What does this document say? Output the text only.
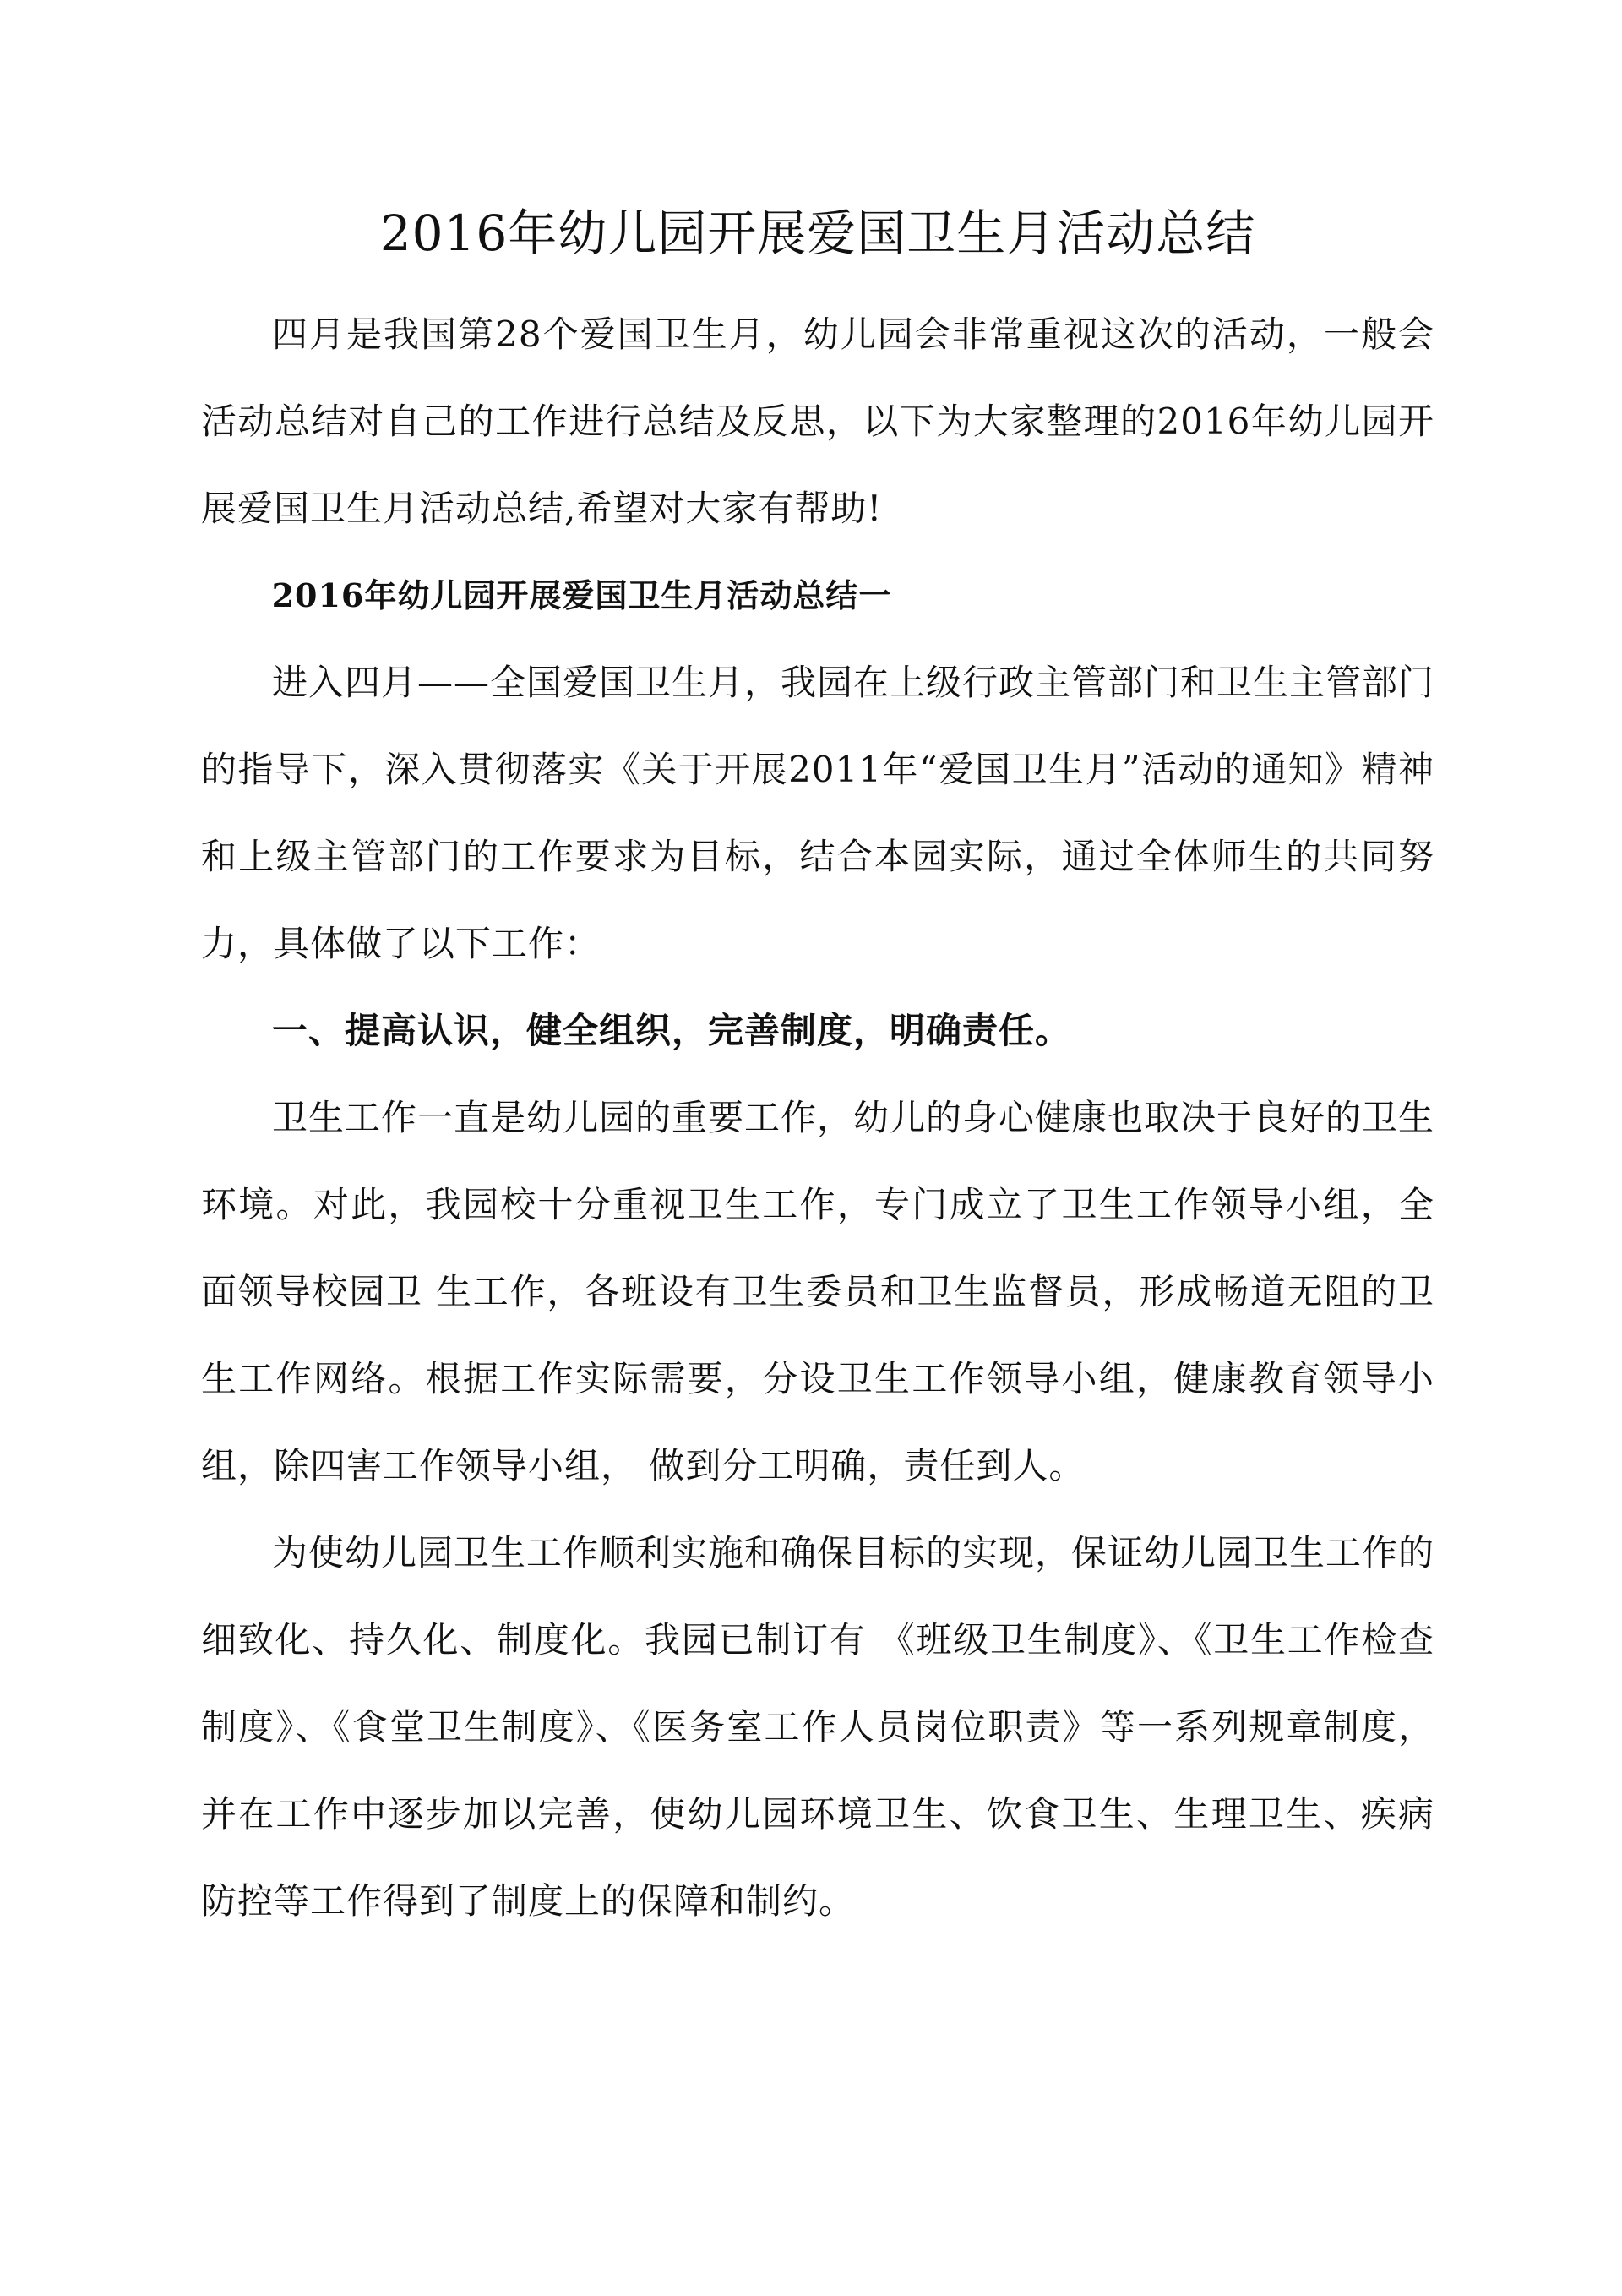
2016年幼儿园开展爱国卫生月活动总结

四月是我国第28个爱国卫生月，幼儿园会非常重视这次的活动，一般会活动总结对自己的工作进行总结及反思，以下为大家整理的2016年幼儿园开展爱国卫生月活动总结,希望对大家有帮助!

2016年幼儿园开展爱国卫生月活动总结一

进入四月——全国爱国卫生月，我园在上级行政主管部门和卫生主管部门的指导下，深入贯彻落实《关于开展2011年“爱国卫生月”活动的通知》精神和上级主管部门的工作要求为目标，结合本园实际，通过全体师生的共同努力，具体做了以下工作：

一、提高认识，健全组织，完善制度，明确责任。

卫生工作一直是幼儿园的重要工作，幼儿的身心健康也取决于良好的卫生环境。对此，我园校十分重视卫生工作，专门成立了卫生工作领导小组，全面领导校园卫 生工作，各班设有卫生委员和卫生监督员，形成畅道无阻的卫生工作网络。根据工作实际需要，分设卫生工作领导小组，健康教育领导小组，除四害工作领导小组， 做到分工明确，责任到人。

为使幼儿园卫生工作顺利实施和确保目标的实现，保证幼儿园卫生工作的细致化、持久化、制度化。我园已制订有 《班级卫生制度》、《卫生工作检查制度》、《食堂卫生制度》、《医务室工作人员岗位职责》等一系列规章制度，并在工作中逐步加以完善，使幼儿园环境卫生、饮食卫生、生理卫生、疾病防控等工作得到了制度上的保障和制约。
